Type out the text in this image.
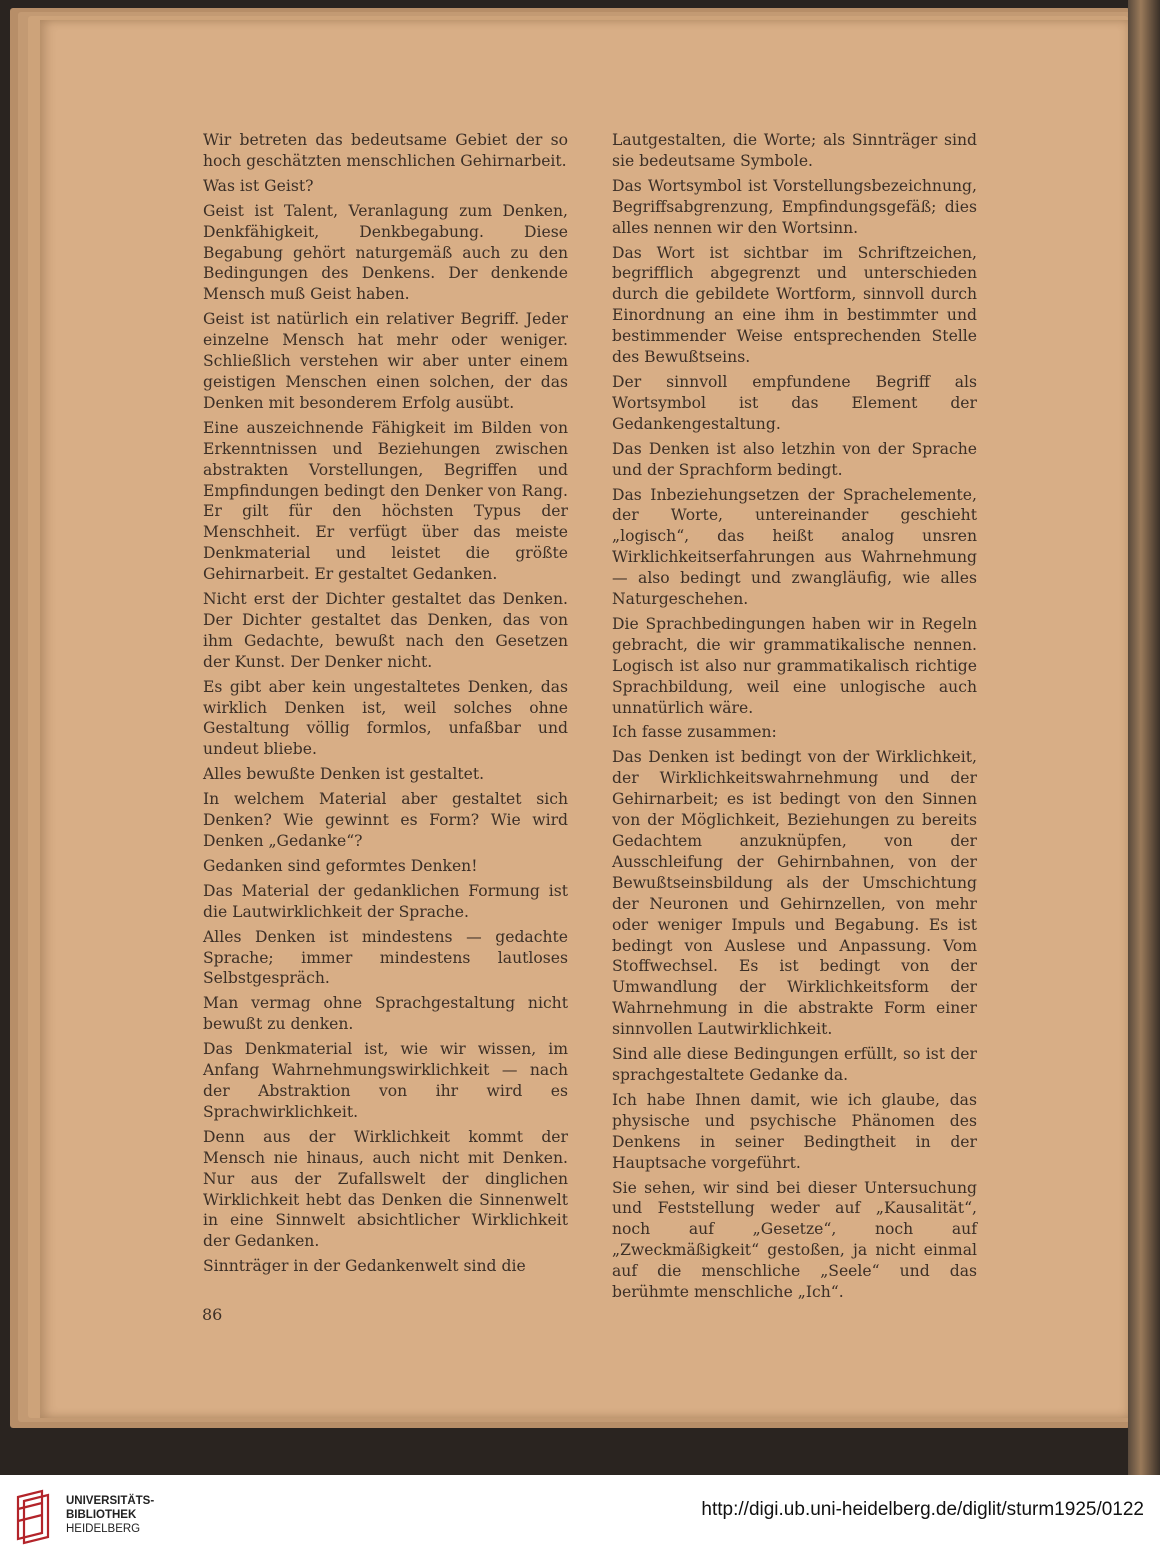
Wir betreten das bedeutsame Gebiet der so hoch geschätzten menschlichen Gehirnarbeit.

Was ist Geist?

Geist ist Talent, Veranlagung zum Denken, Denkfähigkeit, Denkbegabung. Diese Begabung gehört naturgemäß auch zu den Bedingungen des Denkens. Der denkende Mensch muß Geist haben.

Geist ist natürlich ein relativer Begriff. Jeder einzelne Mensch hat mehr oder weniger. Schließlich verstehen wir aber unter einem geistigen Menschen einen solchen, der das Denken mit besonderem Erfolg ausübt.

Eine auszeichnende Fähigkeit im Bilden von Erkenntnissen und Beziehungen zwischen abstrakten Vorstellungen, Begriffen und Empfindungen bedingt den Denker von Rang. Er gilt für den höchsten Typus der Menschheit. Er verfügt über das meiste Denkmaterial und leistet die größte Gehirnarbeit. Er gestaltet Gedanken.

Nicht erst der Dichter gestaltet das Denken. Der Dichter gestaltet das Denken, das von ihm Gedachte, bewußt nach den Gesetzen der Kunst. Der Denker nicht.

Es gibt aber kein ungestaltetes Denken, das wirklich Denken ist, weil solches ohne Gestaltung völlig formlos, unfaßbar und undeut bliebe.

Alles bewußte Denken ist gestaltet.

In welchem Material aber gestaltet sich Denken? Wie gewinnt es Form? Wie wird Denken „Gedanke“?

Gedanken sind geformtes Denken!

Das Material der gedanklichen Formung ist die Lautwirklichkeit der Sprache.

Alles Denken ist mindestens — gedachte Sprache; immer mindestens lautloses Selbstgespräch.

Man vermag ohne Sprachgestaltung nicht bewußt zu denken.

Das Denkmaterial ist, wie wir wissen, im Anfang Wahrnehmungswirklichkeit — nach der Abstraktion von ihr wird es Sprachwirklichkeit.

Denn aus der Wirklichkeit kommt der Mensch nie hinaus, auch nicht mit Denken. Nur aus der Zufallswelt der dinglichen Wirklichkeit hebt das Denken die Sinnenwelt in eine Sinnwelt absichtlicher Wirklichkeit der Gedanken.

Sinnträger in der Gedankenwelt sind die

Lautgestalten, die Worte; als Sinnträger sind sie bedeutsame Symbole.

Das Wortsymbol ist Vorstellungsbezeichnung, Begriffsabgrenzung, Empfindungsgefäß; dies alles nennen wir den Wortsinn.

Das Wort ist sichtbar im Schriftzeichen, begrifflich abgegrenzt und unterschieden durch die gebildete Wortform, sinnvoll durch Einordnung an eine ihm in bestimmter und bestimmender Weise entsprechenden Stelle des Bewußtseins.

Der sinnvoll empfundene Begriff als Wortsymbol ist das Element der Gedankengestaltung.

Das Denken ist also letzhin von der Sprache und der Sprachform bedingt.

Das Inbeziehungsetzen der Sprachelemente, der Worte, untereinander geschieht „logisch“, das heißt analog unsren Wirklichkeitserfahrungen aus Wahrnehmung — also bedingt und zwangläufig, wie alles Naturgeschehen.

Die Sprachbedingungen haben wir in Regeln gebracht, die wir grammatikalische nennen. Logisch ist also nur grammatikalisch richtige Sprachbildung, weil eine unlogische auch unnatürlich wäre.

Ich fasse zusammen:

Das Denken ist bedingt von der Wirklichkeit, der Wirklichkeitswahrnehmung und der Gehirnarbeit; es ist bedingt von den Sinnen von der Möglichkeit, Beziehungen zu bereits Gedachtem anzuknüpfen, von der Ausschleifung der Gehirnbahnen, von der Bewußtseinsbildung als der Umschichtung der Neuronen und Gehirnzellen, von mehr oder weniger Impuls und Begabung. Es ist bedingt von Auslese und Anpassung. Vom Stoffwechsel. Es ist bedingt von der Umwandlung der Wirklichkeitsform der Wahrnehmung in die abstrakte Form einer sinnvollen Lautwirklichkeit.

Sind alle diese Bedingungen erfüllt, so ist der sprachgestaltete Gedanke da.

Ich habe Ihnen damit, wie ich glaube, das physische und psychische Phänomen des Denkens in seiner Bedingtheit in der Hauptsache vorgeführt.

Sie sehen, wir sind bei dieser Untersuchung und Feststellung weder auf „Kausalität“, noch auf „Gesetze“, noch auf „Zweckmäßigkeit“ gestoßen, ja nicht einmal auf die menschliche „Seele“ und das berühmte menschliche „Ich“.

86
UNIVERSITÄTS-
BIBLIOTHEK
HEIDELBERG
http://digi.ub.uni-heidelberg.de/diglit/sturm1925/0122
